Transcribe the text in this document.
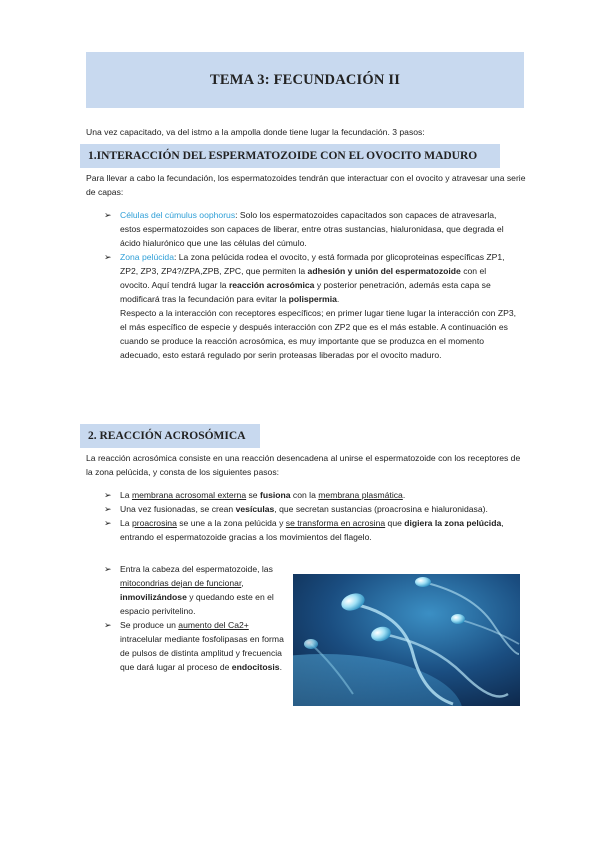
TEMA 3: FECUNDACIÓN II

Una vez capacitado, va del istmo a la ampolla donde tiene lugar la fecundación. 3 pasos:

1.INTERACCIÓN DEL ESPERMATOZOIDE CON EL OVOCITO MADURO

Para llevar a cabo la fecundación, los espermatozoides tendrán que interactuar con el ovocito y atravesar una serie de capas:

➢ Células del cúmulus oophorus: Solo los espermatozoides capacitados son capaces de atravesarla, estos espermatozoides son capaces de liberar, entre otras sustancias, hialuronidasa, que degrada el ácido hialurónico que une las células del cúmulo.
➢ Zona pelúcida: La zona pelúcida rodea el ovocito, y está formada por glicoproteinas específicas ZP1, ZP2, ZP3, ZP4?/ZPA,ZPB, ZPC, que permiten la adhesión y unión del espermatozoide con el ovocito. Aquí tendrá lugar la reacción acrosómica y posterior penetración, además esta capa se modificará tras la fecundación para evitar la polispermia.
Respecto a la interacción con receptores específicos; en primer lugar tiene lugar la interacción con ZP3, el más específico de especie y después interacción con ZP2 que es el más estable. A continuación es cuando se produce la reacción acrosómica, es muy importante que se produzca en el momento adecuado, esto estará regulado por serin proteasas liberadas por el ovocito maduro.
2. REACCIÓN ACROSÓMICA

La reacción acrosómica consiste en una reacción desencadena al unirse el espermatozoide con los receptores de la zona pelúcida, y consta de los siguientes pasos:

➢ La membrana acrosomal externa se fusiona con la membrana plasmática.
➢ Una vez fusionadas, se crean vesículas, que secretan sustancias (proacrosina e hialuronidasa).
➢ La proacrosina se une a la zona pelúcida y se transforma en acrosina que digiera la zona pelúcida, entrando el espermatozoide gracias a los movimientos del flagelo.
➢ Entra la cabeza del espermatozoide, las mitocondrias dejan de funcionar, inmovilizándose y quedando este en el espacio perivitelino.
➢ Se produce un aumento del Ca2+ intracelular mediante fosfolipasas en forma de pulsos de distinta amplitud y frecuencia que dará lugar al proceso de endocitosis.
